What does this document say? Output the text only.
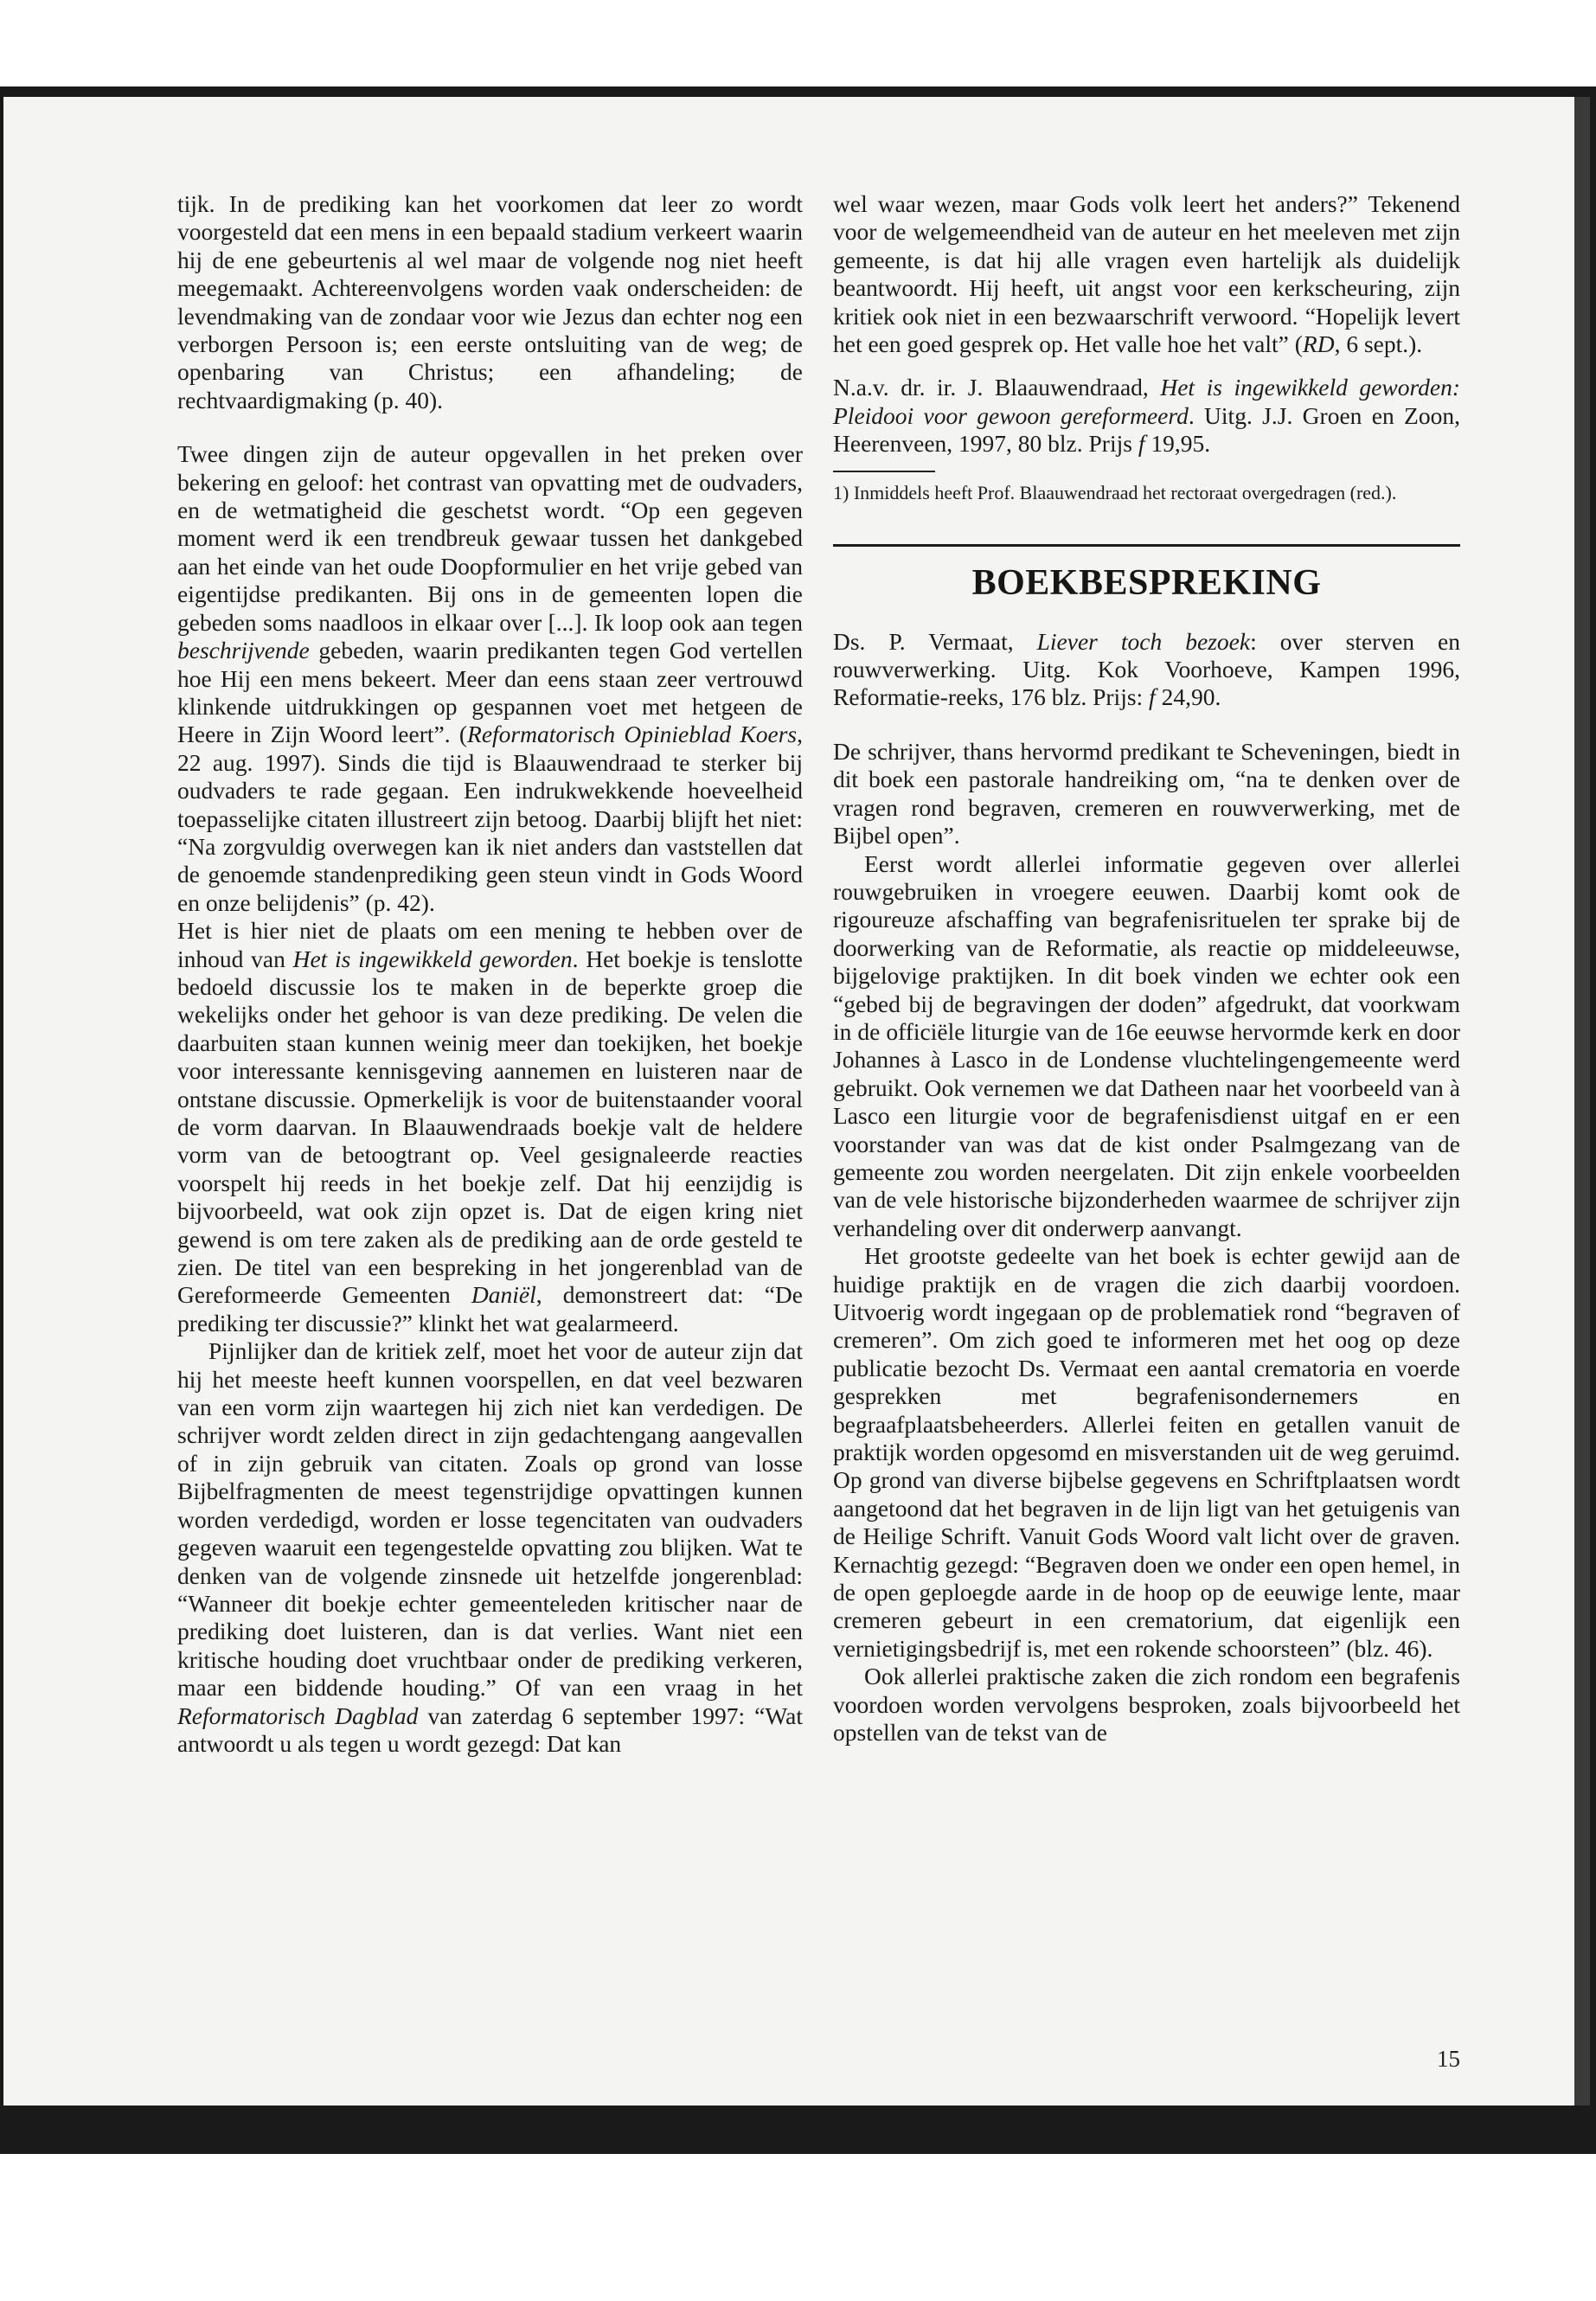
tijk. In de prediking kan het voorkomen dat leer zo wordt voorgesteld dat een mens in een bepaald stadium verkeert waarin hij de ene gebeurtenis al wel maar de volgende nog niet heeft meegemaakt. Achtereenvolgens worden vaak onderscheiden: de levendmaking van de zondaar voor wie Jezus dan echter nog een verborgen Persoon is; een eerste ontsluiting van de weg; de openbaring van Christus; een afhandeling; de rechtvaardigmaking (p. 40).

Twee dingen zijn de auteur opgevallen in het preken over bekering en geloof: het contrast van opvatting met de oudvaders, en de wetmatigheid die geschetst wordt. “Op een gegeven moment werd ik een trendbreuk gewaar tussen het dankgebed aan het einde van het oude Doopformulier en het vrije gebed van eigentijdse predikanten. Bij ons in de gemeenten lopen die gebeden soms naadloos in elkaar over [...]. Ik loop ook aan tegen beschrijvende gebeden, waarin predikanten tegen God vertellen hoe Hij een mens bekeert. Meer dan eens staan zeer vertrouwd klinkende uitdrukkingen op gespannen voet met hetgeen de Heere in Zijn Woord leert”. (Reformatorisch Opinieblad Koers, 22 aug. 1997). Sinds die tijd is Blaauwendraad te sterker bij oudvaders te rade gegaan. Een indrukwekkende hoeveelheid toepasselijke citaten illustreert zijn betoog. Daarbij blijft het niet: “Na zorgvuldig overwegen kan ik niet anders dan vaststellen dat de genoemde standenprediking geen steun vindt in Gods Woord en onze belijdenis” (p. 42).

Het is hier niet de plaats om een mening te hebben over de inhoud van Het is ingewikkeld geworden. Het boekje is tenslotte bedoeld discussie los te maken in de beperkte groep die wekelijks onder het gehoor is van deze prediking. De velen die daarbuiten staan kunnen weinig meer dan toekijken, het boekje voor interessante kennisgeving aannemen en luisteren naar de ontstane discussie. Opmerkelijk is voor de buitenstaander vooral de vorm daarvan. In Blaauwendraads boekje valt de heldere vorm van de betoogtrant op. Veel gesignaleerde reacties voorspelt hij reeds in het boekje zelf. Dat hij eenzijdig is bijvoorbeeld, wat ook zijn opzet is. Dat de eigen kring niet gewend is om tere zaken als de prediking aan de orde gesteld te zien. De titel van een bespreking in het jongerenblad van de Gereformeerde Gemeenten Daniël, demonstreert dat: “De prediking ter discussie?” klinkt het wat gealarmeerd.

Pijnlijker dan de kritiek zelf, moet het voor de auteur zijn dat hij het meeste heeft kunnen voorspellen, en dat veel bezwaren van een vorm zijn waartegen hij zich niet kan verdedigen. De schrijver wordt zelden direct in zijn gedachtengang aangevallen of in zijn gebruik van citaten. Zoals op grond van losse Bijbelfragmenten de meest tegenstrijdige opvattingen kunnen worden verdedigd, worden er losse tegencitaten van oudvaders gegeven waaruit een tegengestelde opvatting zou blijken. Wat te denken van de volgende zinsnede uit hetzelfde jongerenblad: “Wanneer dit boekje echter gemeenteleden kritischer naar de prediking doet luisteren, dan is dat verlies. Want niet een kritische houding doet vruchtbaar onder de prediking verkeren, maar een biddende houding.” Of van een vraag in het Reformatorisch Dagblad van zaterdag 6 september 1997: “Wat antwoordt u als tegen u wordt gezegd: Dat kan

wel waar wezen, maar Gods volk leert het anders?” Tekenend voor de welgemeendheid van de auteur en het meeleven met zijn gemeente, is dat hij alle vragen even hartelijk als duidelijk beantwoordt. Hij heeft, uit angst voor een kerkscheuring, zijn kritiek ook niet in een bezwaarschrift verwoord. “Hopelijk levert het een goed gesprek op. Het valle hoe het valt” (RD, 6 sept.).

N.a.v. dr. ir. J. Blaauwendraad, Het is ingewikkeld geworden: Pleidooi voor gewoon gereformeerd. Uitg. J.J. Groen en Zoon, Heerenveen, 1997, 80 blz. Prijs f 19,95.

1) Inmiddels heeft Prof. Blaauwendraad het rectoraat overgedragen (red.).

BOEKBESPREKING

Ds. P. Vermaat, Liever toch bezoek: over sterven en rouwverwerking. Uitg. Kok Voorhoeve, Kampen 1996, Reformatie-reeks, 176 blz. Prijs: f 24,90.

De schrijver, thans hervormd predikant te Scheveningen, biedt in dit boek een pastorale handreiking om, “na te denken over de vragen rond begraven, cremeren en rouwverwerking, met de Bijbel open”.

Eerst wordt allerlei informatie gegeven over allerlei rouwgebruiken in vroegere eeuwen. Daarbij komt ook de rigoureuze afschaffing van begrafenisrituelen ter sprake bij de doorwerking van de Reformatie, als reactie op middeleeuwse, bijgelovige praktijken. In dit boek vinden we echter ook een “gebed bij de begravingen der doden” afgedrukt, dat voorkwam in de officiële liturgie van de 16e eeuwse hervormde kerk en door Johannes à Lasco in de Londense vluchtelingengemeente werd gebruikt. Ook vernemen we dat Datheen naar het voorbeeld van à Lasco een liturgie voor de begrafenisdienst uitgaf en er een voorstander van was dat de kist onder Psalmgezang van de gemeente zou worden neergelaten. Dit zijn enkele voorbeelden van de vele historische bijzonderheden waarmee de schrijver zijn verhandeling over dit onderwerp aanvangt.

Het grootste gedeelte van het boek is echter gewijd aan de huidige praktijk en de vragen die zich daarbij voordoen. Uitvoerig wordt ingegaan op de problematiek rond “begraven of cremeren”. Om zich goed te informeren met het oog op deze publicatie bezocht Ds. Vermaat een aantal crematoria en voerde gesprekken met begrafenisondernemers en begraafplaatsbeheerders. Allerlei feiten en getallen vanuit de praktijk worden opgesomd en misverstanden uit de weg geruimd. Op grond van diverse bijbelse gegevens en Schriftplaatsen wordt aangetoond dat het begraven in de lijn ligt van het getuigenis van de Heilige Schrift. Vanuit Gods Woord valt licht over de graven. Kernachtig gezegd: “Begraven doen we onder een open hemel, in de open geploegde aarde in de hoop op de eeuwige lente, maar cremeren gebeurt in een crematorium, dat eigenlijk een vernietigingsbedrijf is, met een rokende schoorsteen” (blz. 46).

Ook allerlei praktische zaken die zich rondom een begrafenis voordoen worden vervolgens besproken, zoals bijvoorbeeld het opstellen van de tekst van de

15
